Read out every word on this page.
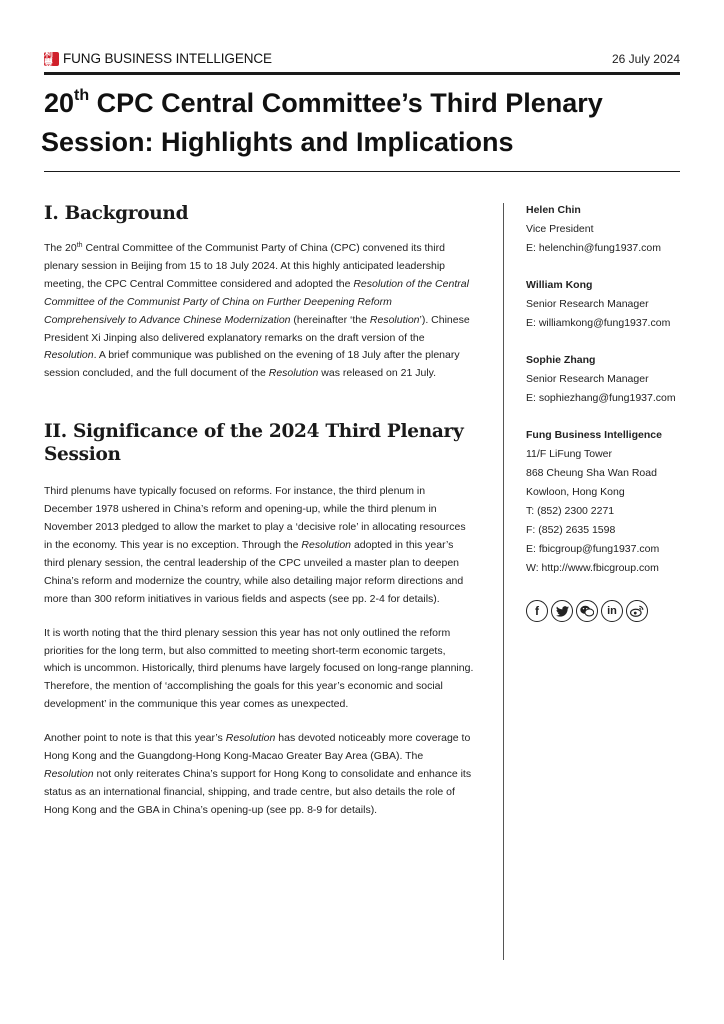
利豐 FUNG BUSINESS INTELLIGENCE	26 July 2024
20th CPC Central Committee’s Third Plenary
Session: Highlights and Implications
I. Background

The 20th Central Committee of the Communist Party of China (CPC) convened its third plenary session in Beijing from 15 to 18 July 2024. At this highly anticipated leadership meeting, the CPC Central Committee considered and adopted the Resolution of the Central Committee of the Communist Party of China on Further Deepening Reform Comprehensively to Advance Chinese Modernization (hereinafter ‘the Resolution’). Chinese President Xi Jinping also delivered explanatory remarks on the draft version of the Resolution. A brief communique was published on the evening of 18 July after the plenary session concluded, and the full document of the Resolution was released on 21 July.

II. Significance of the 2024 Third Plenary Session

Third plenums have typically focused on reforms. For instance, the third plenum in December 1978 ushered in China’s reform and opening-up, while the third plenum in November 2013 pledged to allow the market to play a ‘decisive role’ in allocating resources in the economy. This year is no exception. Through the Resolution adopted in this year’s third plenary session, the central leadership of the CPC unveiled a master plan to deepen China’s reform and modernize the country, while also detailing major reform directions and more than 300 reform initiatives in various fields and aspects (see pp. 2-4 for details).

It is worth noting that the third plenary session this year has not only outlined the reform priorities for the long term, but also committed to meeting short-term economic targets, which is uncommon. Historically, third plenums have largely focused on long-range planning. Therefore, the mention of ‘accomplishing the goals for this year’s economic and social development’ in the communique this year comes as unexpected.

Another point to note is that this year’s Resolution has devoted noticeably more coverage to Hong Kong and the Guangdong-Hong Kong-Macao Greater Bay Area (GBA). The Resolution not only reiterates China’s support for Hong Kong to consolidate and enhance its status as an international financial, shipping, and trade centre, but also details the role of Hong Kong and the GBA in China’s opening-up (see pp. 8-9 for details).

Helen Chin
Vice President
E: helenchin@fung1937.com
William Kong
Senior Research Manager
E: williamkong@fung1937.com
Sophie Zhang
Senior Research Manager
E: sophiezhang@fung1937.com
Fung Business Intelligence
11/F LiFung Tower
868 Cheung Sha Wan Road
Kowloon, Hong Kong
T: (852) 2300 2271
F: (852) 2635 1598
E: fbicgroup@fung1937.com
W: http://www.fbicgroup.com
f	in
